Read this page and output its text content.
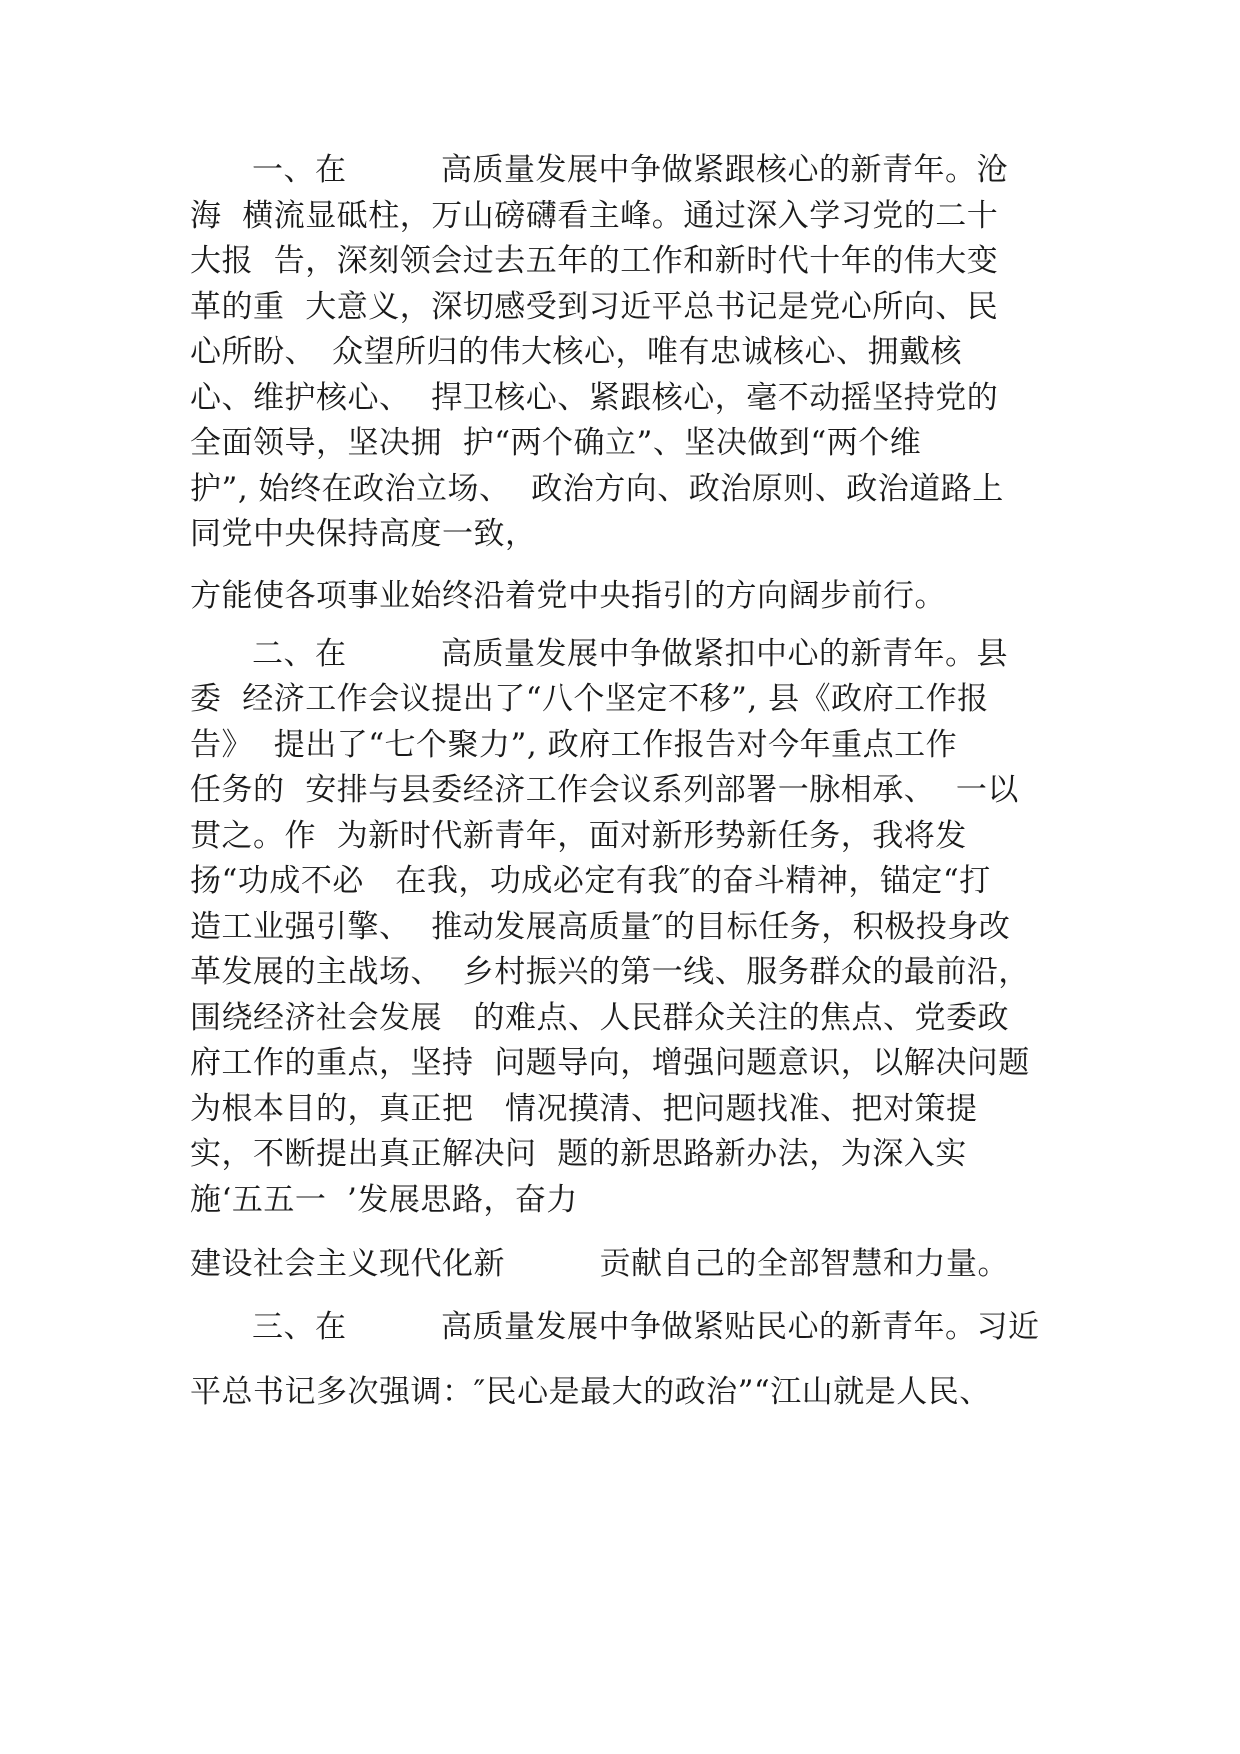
一、在　　　高质量发展中争做紧跟核心的新青年。沧
海  横流显砥柱，万山磅礴看主峰。通过深入学习党的二十
大报  告，深刻领会过去五年的工作和新时代十年的伟大变
革的重  大意义，深切感受到习近平总书记是党心所向、民
心所盼、　众望所归的伟大核心，唯有忠诚核心、拥戴核
心、维护核心、  捍卫核心、紧跟核心，毫不动摇坚持党的
全面领导，坚决拥  护“两个确立”、坚决做到“两个维
护”, 始终在政治立场、  政治方向、政治原则、政治道路上
同党中央保持高度一致，
方能使各项事业始终沿着党中央指引的方向阔步前行。
二、在　　　高质量发展中争做紧扣中心的新青年。县
委  经济工作会议提出了“八个坚定不移”, 县《政府工作报
告》  提出了“七个聚力”, 政府工作报告对今年重点工作
任务的  安排与县委经济工作会议系列部署一脉相承、  一以
贯之。作  为新时代新青年，面对新形势新任务，我将发
扬“功成不必　在我，功成必定有我″的奋斗精神，锚定“打
造工业强引擎、  推动发展高质量″的目标任务，积极投身改
革发展的主战场、  乡村振兴的第一线、服务群众的最前沿，
围绕经济社会发展　的难点、人民群众关注的焦点、党委政
府工作的重点，坚持  问题导向，增强问题意识，以解决问题
为根本目的，真正把　情况摸清、把问题找准、把对策提
实，不断提出真正解决问  题的新思路新办法，为深入实
施‘五五一  ’发展思路，奋力
建设社会主义现代化新　　　贡献自己的全部智慧和力量。
三、在　　　高质量发展中争做紧贴民心的新青年。习近
平总书记多次强调：″民心是最大的政治”“江山就是人民、
